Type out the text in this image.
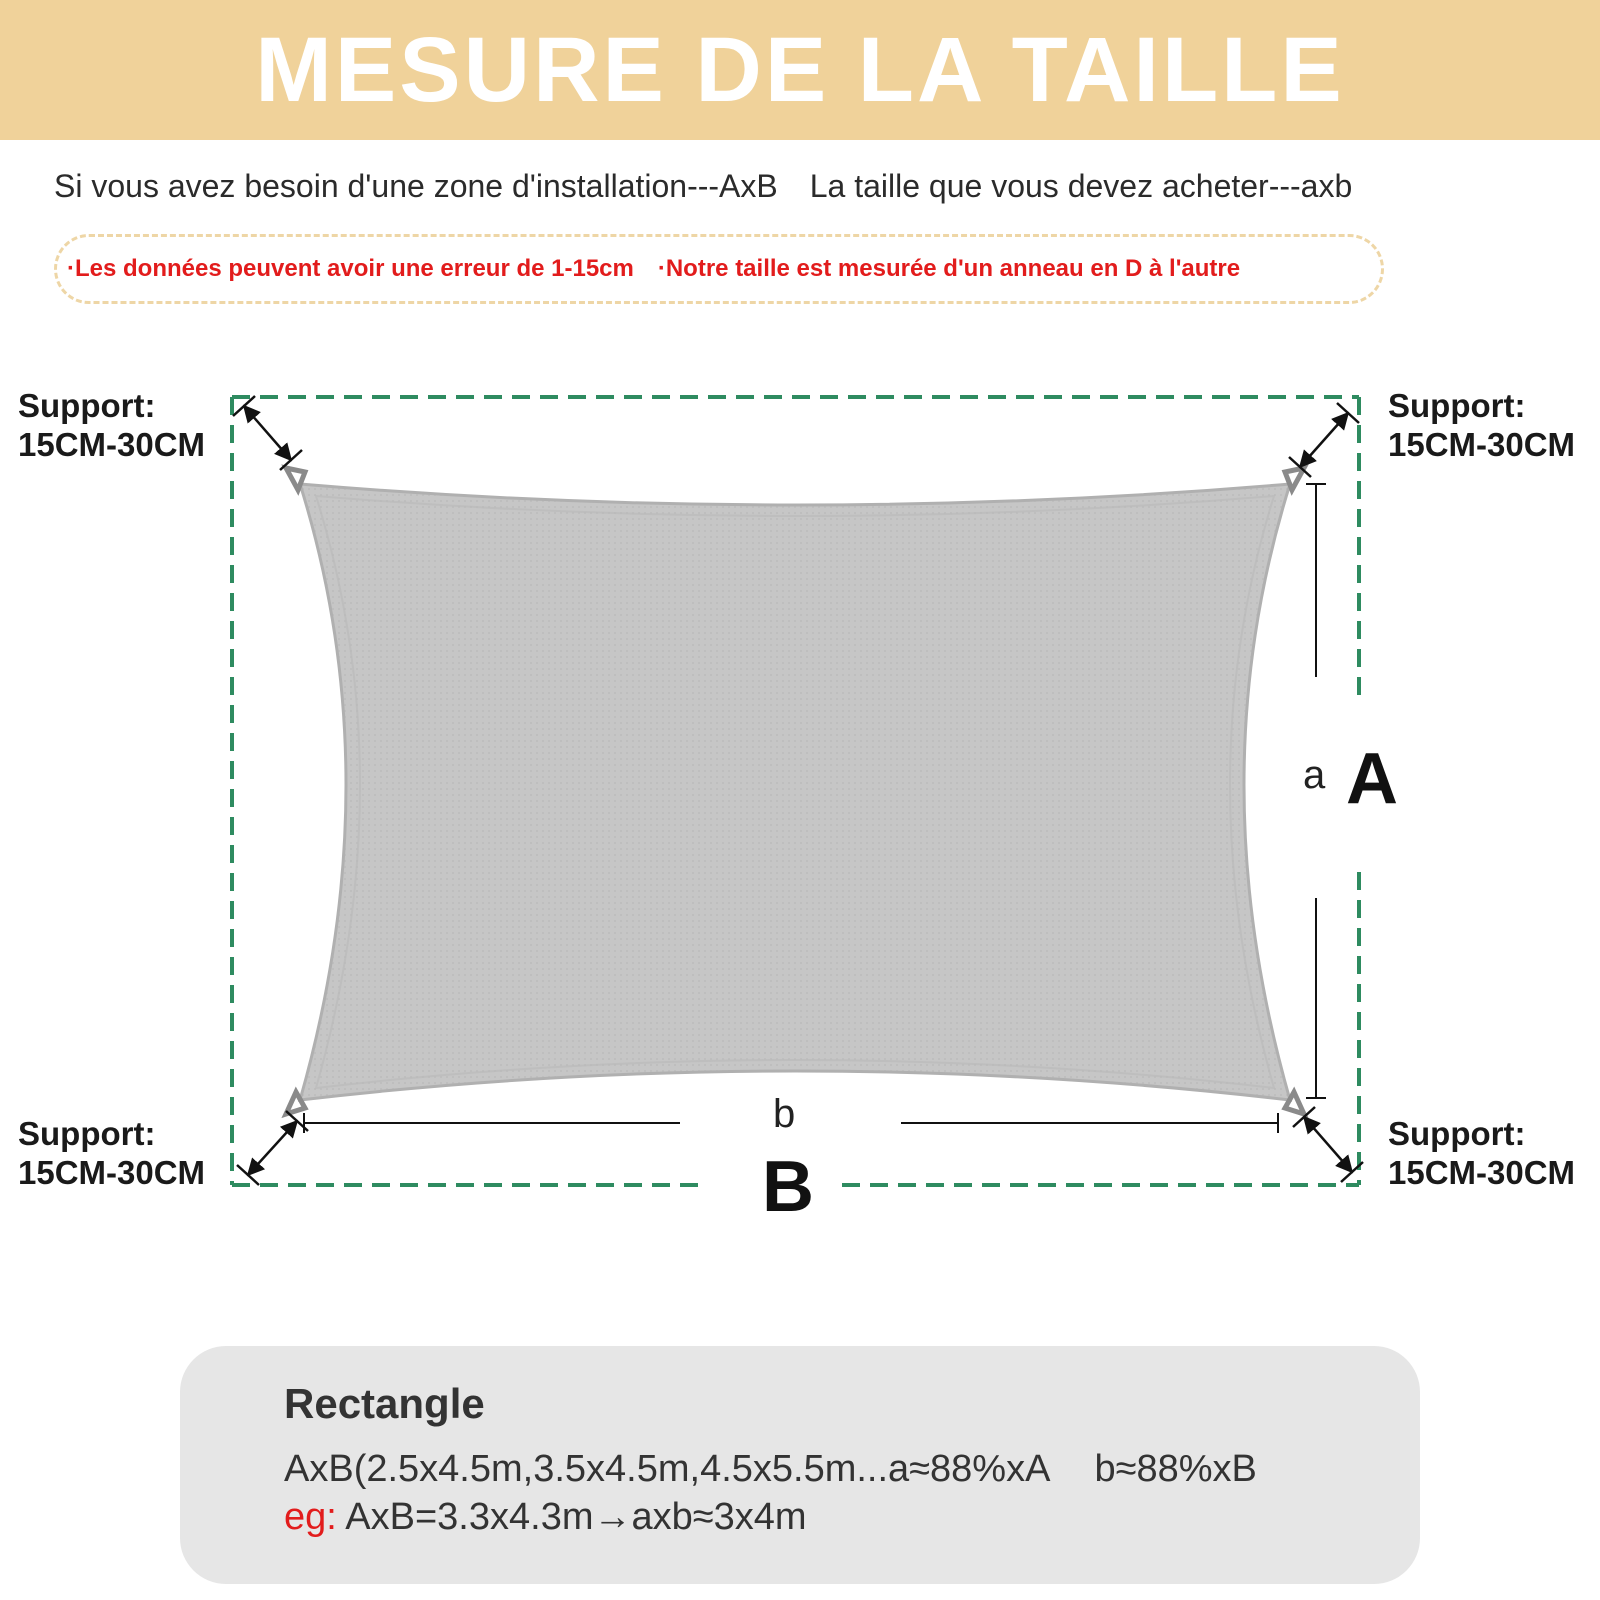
MESURE DE LA TAILLE
Si vous avez besoin d'une zone d'installation---AxB La taille que vous devez acheter---axb
·Les données peuvent avoir une erreur de 1-15cm ·Notre taille est mesurée d'un anneau en D à l'autre
Support:
15CM-30CM
Support:
15CM-30CM
Support:
15CM-30CM
Support:
15CM-30CM
a A
b
B
Rectangle
AxB(2.5x4.5m,3.5x4.5m,4.5x5.5m...a≈88%xA b≈88%xB
eg: AxB=3.3x4.3m→axb≈3x4m
